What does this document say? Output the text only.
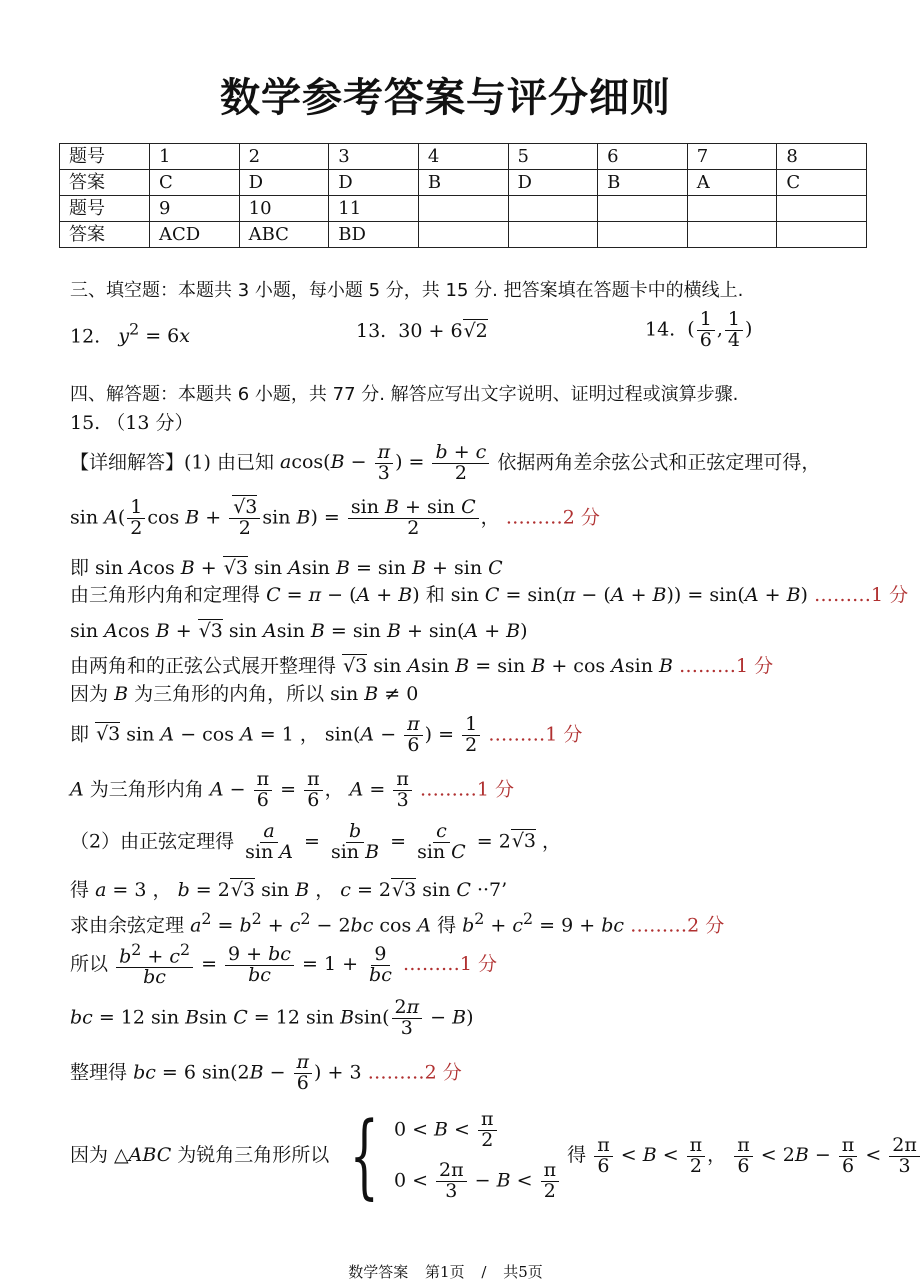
数学参考答案与评分细则
题号	1	2	3	4	5	6	7	8
答案	C	D	D	B	D	B	A	C
题号	9	10	11					
答案	ACD	ABC	BD					
三、填空题：本题共 3 小题，每小题 5 分，共 15 分. 把答案填在答题卡中的横线上.
12. $y^2 = 6x$	13.  30 + 6√2	14.  ( $\frac{1}{6}$ , $\frac{1}{4}$ )
四、解答题：本题共 6 小题，共 77 分. 解答应写出文字说明、证明过程或演算步骤.
15. （13 分）
【详细解答】(1) 由已知 $acos(B - \frac{\pi}{3}$ ) = $\frac{b + c}{2}$ 依据两角差余弦公式和正弦定理可得，
$\sin A( \frac{1}{2}$ $\cos B + \frac{√3}{2}$ $\sin B) = \frac{\text{sin B + sin C}}{2}$ ， ………2 分
即 sin Acos B + √3 sin Asin B = sin B + sin C
由三角形内角和定理得 C = π − (A + B) 和 sin C = sin(π − (A + B)) = sin(A + B) ………1 分
sin Acos B + √3 sin Asin B = sin B + sin(A + B)
由两角和的正弦公式展开整理得 √3 sin Asin B = sin B + cos Asin B ………1 分
因为 B 为三角形的内角，所以 sin B ≠ 0
即 √3 sin A − cos A = 1 ， $\sin(A - \frac{\pi}{6}$ ) = $\frac{1}{2}$ ………1 分
A 为三角形内角 $A - \frac{\pi}{6} = \frac{\pi}{6}$ ， $A = \frac{\pi}{3}$ ………1 分
（2）由正弦定理得 $\frac{a}{\text{sin A}} = \frac{b}{\text{sin B}} = \frac{c}{\text{sin C}} = 2√3$ ，
得 a = 3 ， b = 2√3 sin B ， c = 2√3 sin C ··7’
求由余弦定理 $a^2 = b^2 + c^2 - 2bc$ cos A 得 $b^2 + c^2 = 9$ + bc ………2 分
所以 $\frac{b^2 + c^2}{bc} = \frac{9 + bc}{bc} = 1 + \frac{9}{bc}$ ………1 分
bc = 12 sin Bsin C = 12 $\sin Bsin( \frac{2\pi}{3} - B)$
整理得 bc = 6 $\sin(2B - \frac{\pi}{6}$ ) + 3 ………2 分
因为 △ABC 为锐角三角形所以 { $0 < B < \frac{\pi}{2}$
$0 < \frac{2\pi}{3} - B < \frac{\pi}{2}$
得 $\frac{\pi}{6} < B < \frac{\pi}{2}$ ， $\frac{\pi}{6} < 2B - \frac{\pi}{6} < \frac{2\pi}{3}$
数学答案 第1页 / 共5页
